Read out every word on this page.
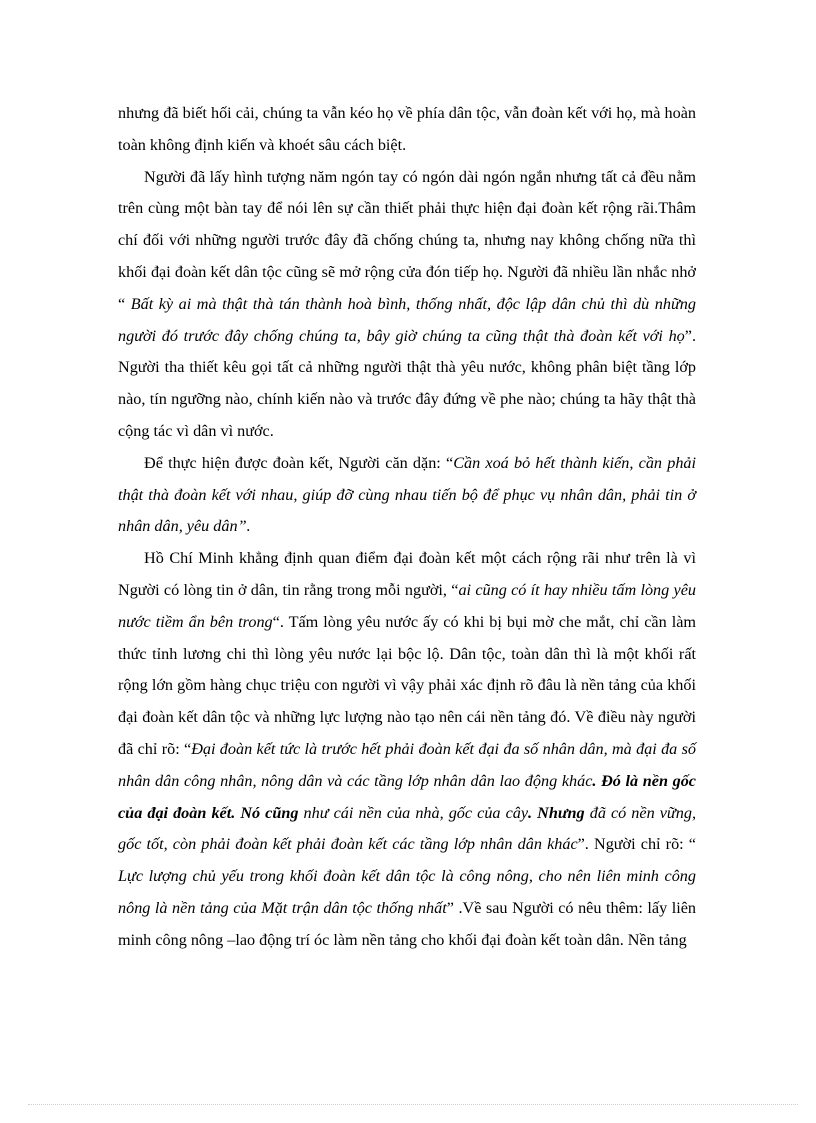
nhưng đã biết hối cải, chúng ta vẫn kéo họ về phía dân tộc, vẫn đoàn kết với họ, mà hoàn toàn không định kiến và khoét sâu cách biệt.

Người đã lấy hình tượng năm ngón tay có ngón dài ngón ngắn nhưng tất cả đều nằm trên cùng một bàn tay để nói lên sự cần thiết phải thực hiện đại đoàn kết rộng rãi.Thâm chí đối với những người trước đây đã chống chúng ta, nhưng nay không chống nữa thì khối đại đoàn kết dân tộc cũng sẽ mở rộng cửa đón tiếp họ. Người đã nhiều lần nhắc nhở “ Bất kỳ ai mà thật thà tán thành hoà bình, thống nhất, độc lập dân chủ thì dù những người đó trước đây chống chúng ta, bây giờ chúng ta cũng thật thà đoàn kết với họ”. Người tha thiết kêu gọi tất cả những người thật thà yêu nước, không phân biệt tầng lớp nào, tín ngưỡng nào, chính kiến nào và trước đây đứng về phe nào; chúng ta hãy thật thà cộng tác vì dân vì nước.

Để thực hiện được đoàn kết, Người căn dặn: “Cần xoá bỏ hết thành kiến, cần phải thật thà đoàn kết với nhau, giúp đỡ cùng nhau tiến bộ để phục vụ nhân dân, phải tin ở nhân dân, yêu dân”.

Hồ Chí Minh khẳng định quan điểm đại đoàn kết một cách rộng rãi như trên là vì Người có lòng tin ở dân, tin rằng trong mỗi người, “ai cũng có ít hay nhiều tấm lòng yêu nước tiềm ẩn bên trong“. Tấm lòng yêu nước ấy có khi bị bụi mờ che mắt, chỉ cần làm thức tỉnh lương chi thì lòng yêu nước lại bộc lộ. Dân tộc, toàn dân thì là một khối rất rộng lớn gồm hàng chục triệu con người vì vậy phải xác định rõ đâu là nền tảng của khối đại đoàn kết dân tộc và những lực lượng nào tạo nên cái nền tảng đó. Về điều này người đã chỉ rõ: “Đại đoàn kết tức là trước hết phải đoàn kết đại đa số nhân dân, mà đại đa số nhân dân công nhân, nông dân và các tầng lớp nhân dân lao động khác. Đó là nền gốc của đại đoàn kết. Nó cũng như cái nền của nhà, gốc của cây. Nhưng đã có nền vững, gốc tốt, còn phải đoàn kết phải đoàn kết các tầng lớp nhân dân khác”. Người chỉ rõ: “ Lực lượng chủ yếu trong khối đoàn kết dân tộc là công nông, cho nên liên minh công nông là nền tảng của Mặt trận dân tộc thống nhất” .Về sau Người có nêu thêm: lấy liên minh công nông –lao động trí óc làm nền tảng cho khối đại đoàn kết toàn dân. Nền tảng
